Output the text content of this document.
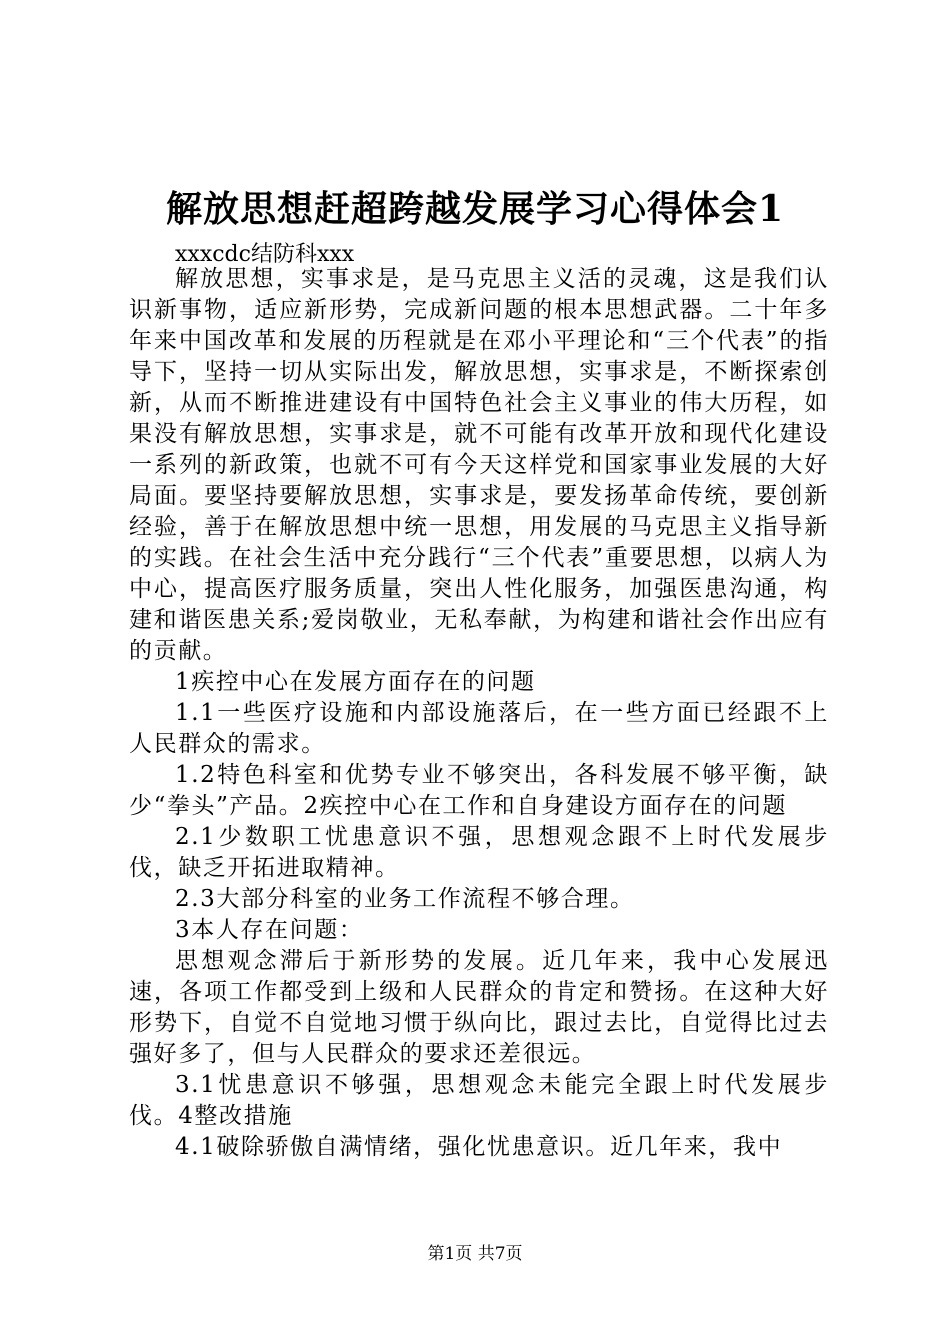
解放思想赶超跨越发展学习心得体会1
xxxcdc结防科xxx

解放思想，实事求是，是马克思主义活的灵魂，这是我们认识新事物，适应新形势，完成新问题的根本思想武器。二十年多年来中国改革和发展的历程就是在邓小平理论和“三个代表”的指导下，坚持一切从实际出发，解放思想，实事求是，不断探索创新，从而不断推进建设有中国特色社会主义事业的伟大历程，如果没有解放思想，实事求是，就不可能有改革开放和现代化建设一系列的新政策，也就不可有今天这样党和国家事业发展的大好局面。要坚持要解放思想，实事求是，要发扬革命传统，要创新经验，善于在解放思想中统一思想，用发展的马克思主义指导新的实践。在社会生活中充分践行“三个代表”重要思想，以病人为中心，提高医疗服务质量，突出人性化服务，加强医患沟通，构建和谐医患关系;爱岗敬业，无私奉献，为构建和谐社会作出应有的贡献。

1疾控中心在发展方面存在的问题

1.1一些医疗设施和内部设施落后，在一些方面已经跟不上人民群众的需求。

1.2特色科室和优势专业不够突出，各科发展不够平衡，缺少“拳头”产品。2疾控中心在工作和自身建设方面存在的问题

2.1少数职工忧患意识不强，思想观念跟不上时代发展步伐，缺乏开拓进取精神。

2.3大部分科室的业务工作流程不够合理。

3本人存在问题：

思想观念滞后于新形势的发展。近几年来，我中心发展迅速，各项工作都受到上级和人民群众的肯定和赞扬。在这种大好形势下，自觉不自觉地习惯于纵向比，跟过去比，自觉得比过去强好多了，但与人民群众的要求还差很远。

3.1忧患意识不够强，思想观念未能完全跟上时代发展步伐。4整改措施

4.1破除骄傲自满情绪，强化忧患意识。近几年来，我中

第1页 共7页
